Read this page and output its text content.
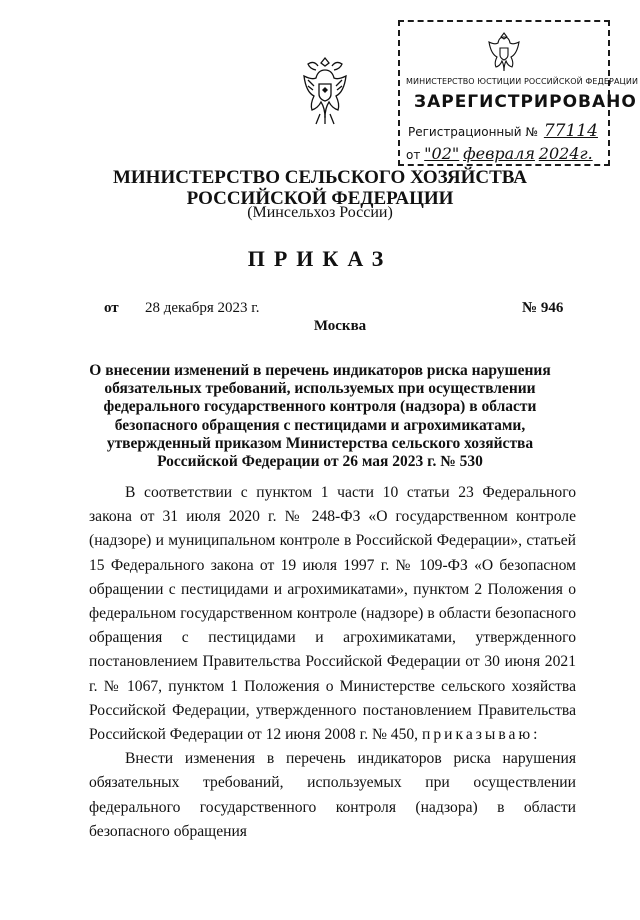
МИНИСТЕРСТВО ЮСТИЦИИ РОССИЙСКОЙ ФЕДЕРАЦИИ
ЗАРЕГИСТРИРОВАНО
Регистрационный № 77114
от "02" февраля 2024г.
МИНИСТЕРСТВО СЕЛЬСКОГО ХОЗЯЙСТВА
РОССИЙСКОЙ ФЕДЕРАЦИИ
(Минсельхоз России)
ПРИКАЗ
от 28 декабря 2023 г.	№ 946
Москва
О внесении изменений в перечень индикаторов риска нарушения
обязательных требований, используемых при осуществлении
федерального государственного контроля (надзора) в области
безопасного обращения с пестицидами и агрохимикатами,
утвержденный приказом Министерства сельского хозяйства
Российской Федерации от 26 мая 2023 г. № 530

В соответствии с пунктом 1 части 10 статьи 23 Федерального закона от 31 июля 2020 г. № 248-ФЗ «О государственном контроле (надзоре) и муниципальном контроле в Российской Федерации», статьей 15 Федерального закона от 19 июля 1997 г. № 109-ФЗ «О безопасном обращении с пестицидами и агрохимикатами», пунктом 2 Положения о федеральном государственном контроле (надзоре) в области безопасного обращения с пестицидами и агрохимикатами, утвержденного постановлением Правительства Российской Федерации от 30 июня 2021 г. № 1067, пунктом 1 Положения о Министерстве сельского хозяйства Российской Федерации, утвержденного постановлением Правительства Российской Федерации от 12 июня 2008 г. № 450, приказываю:

Внести изменения в перечень индикаторов риска нарушения обязательных требований, используемых при осуществлении федерального государственного контроля (надзора) в области безопасного обращения
